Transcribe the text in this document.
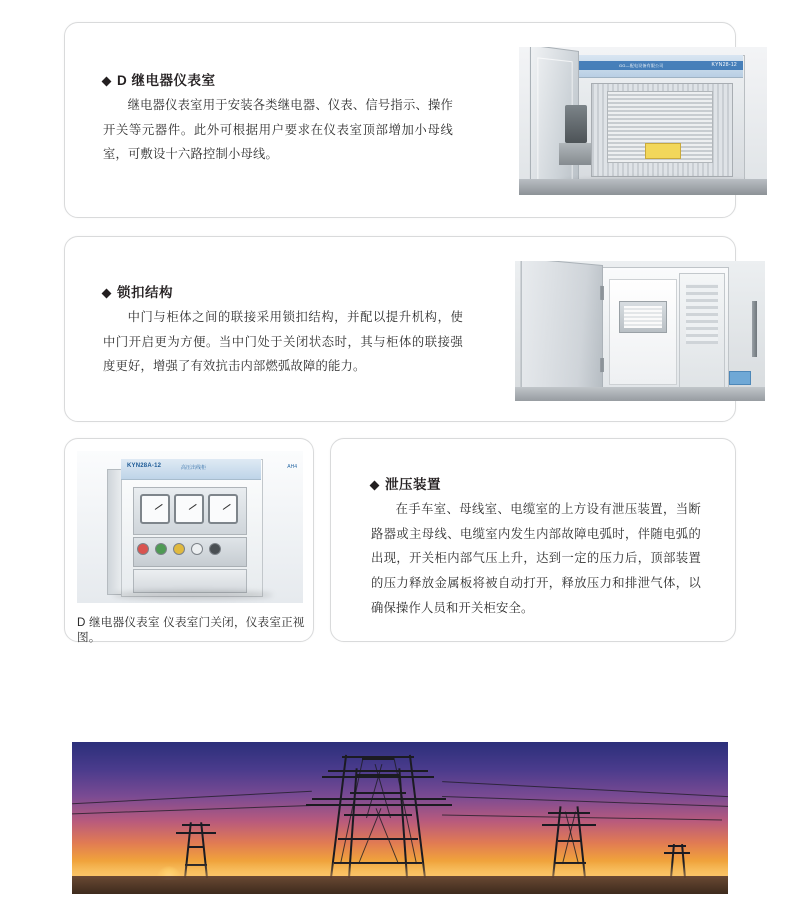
D 继电器仪表室
继电器仪表室用于安装各类继电器、仪表、信号指示、操作开关等元器件。此外可根据用户要求在仪表室顶部增加小母线室，可敷设十六路控制小母线。
GG—配电设备有限公司	KYN28-12
锁扣结构
中门与柜体之间的联接采用锁扣结构，并配以提升机构，使中门开启更为方便。当中门处于关闭状态时，其与柜体的联接强度更好，增强了有效抗击内部燃弧故障的能力。
KYN28A-12	高压出线柜	AH4
D 继电器仪表室 仪表室门关闭，仪表室正视图。
泄压装置
在手车室、母线室、电缆室的上方设有泄压装置，当断路器或主母线、电缆室内发生内部故障电弧时，伴随电弧的出现，开关柜内部气压上升，达到一定的压力后，顶部装置的压力释放金属板将被自动打开，释放压力和排泄气体，以确保操作人员和开关柜安全。
